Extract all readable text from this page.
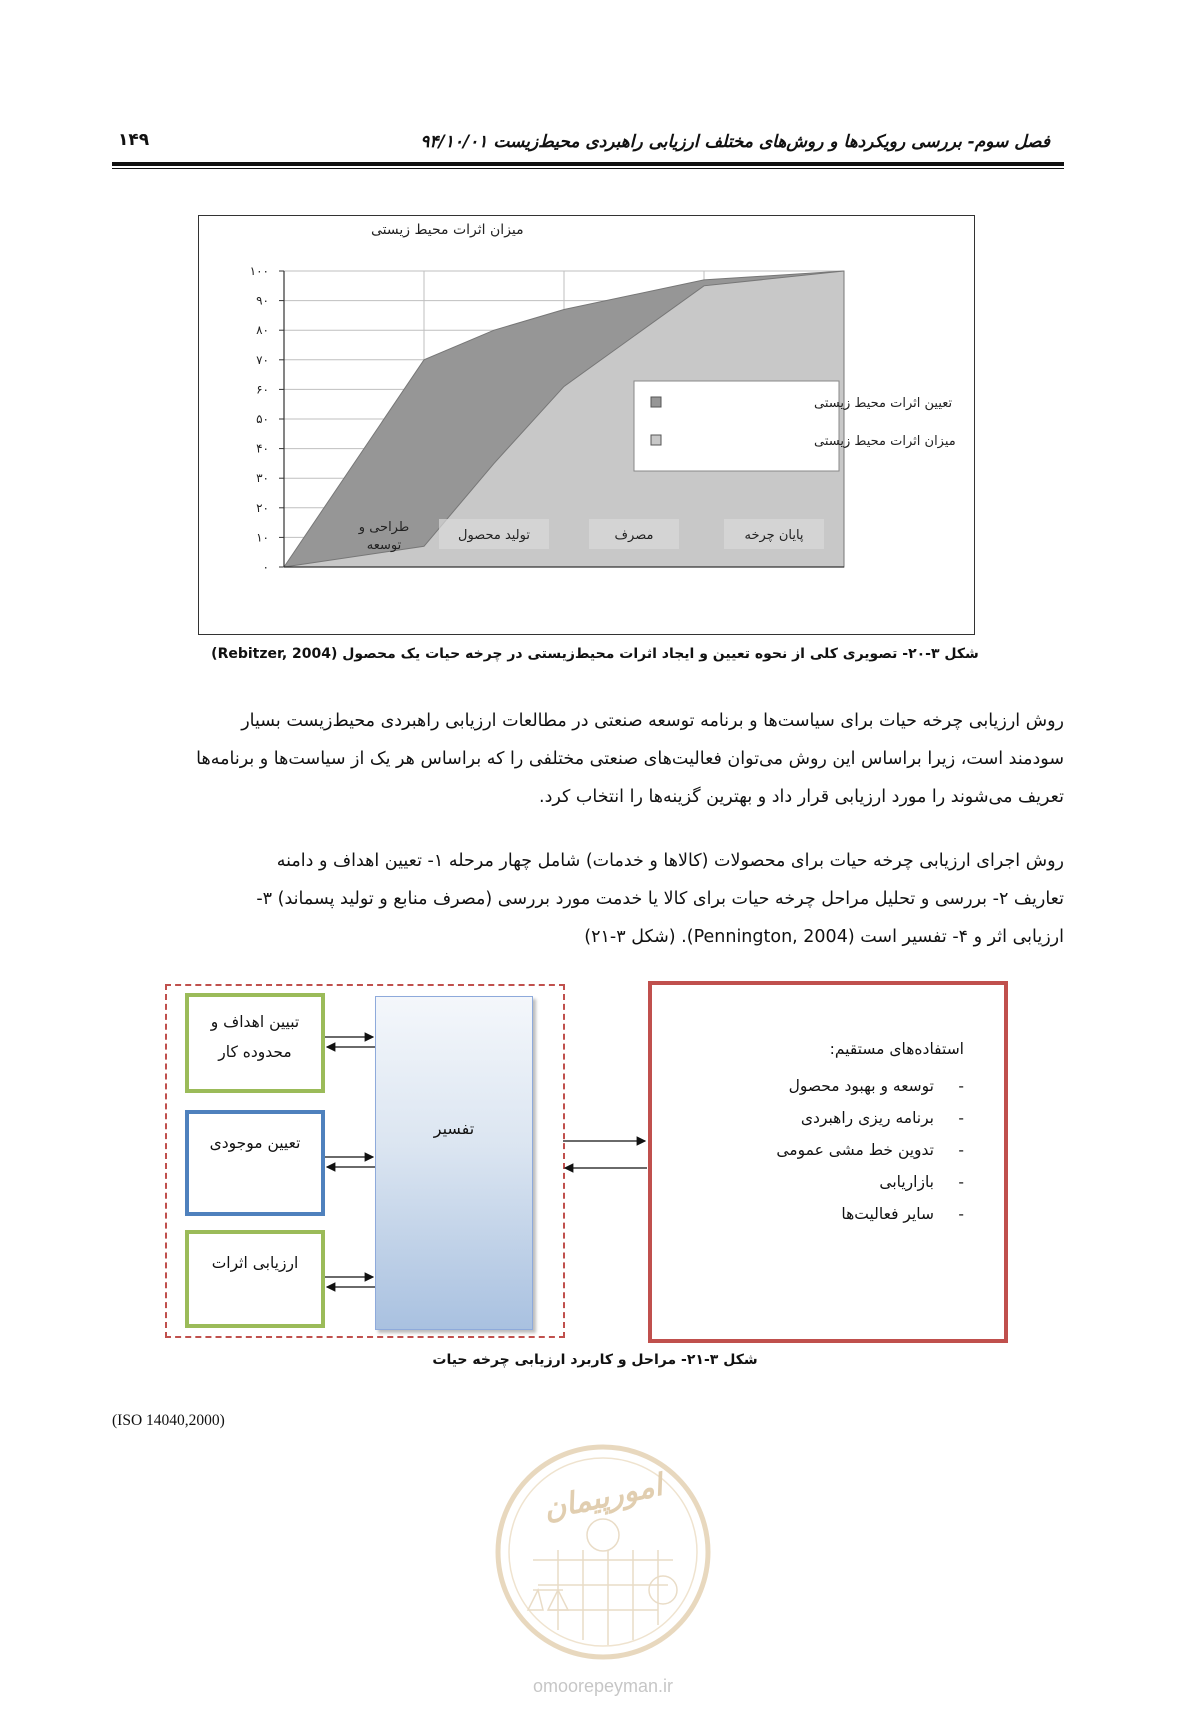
فصل سوم- بررسی رویکردها و روش‌های مختلف ارزیابی راهبردی محیط‌زیست ۹۴/۱۰/۰۱
۱۴۹
میزان اثرات محیط زیستی
۰
۱۰
۲۰
۳۰
۴۰
۵۰
۶۰
۷۰
۸۰
۹۰
۱۰۰
طراحی و
توسعه
تولید محصول	مصرف	پایان چرخه
تعیین اثرات محیط زیستی
میزان اثرات محیط زیستی
شکل ۳-۲۰- تصویری کلی از نحوه تعیین و ایجاد اثرات محیط‌زیستی در چرخه حیات یک محصول (Rebitzer, 2004)

روش ارزیابی چرخه حیات برای سیاست‌ها و برنامه توسعه صنعتی در مطالعات ارزیابی راهبردی محیط‌زیست بسیار

سودمند است، زیرا براساس این روش می‌توان فعالیت‌های صنعتی مختلفی را که براساس هر یک از سیاست‌ها و برنامه‌ها

تعریف می‌شوند را مورد ارزیابی قرار داد و بهترین گزینه‌ها را انتخاب کرد.

روش اجرای ارزیابی چرخه حیات برای محصولات (کالاها و خدمات) شامل چهار مرحله ۱- تعیین اهداف و دامنه

تعاریف ۲- بررسی و تحلیل مراحل چرخه حیات برای کالا یا خدمت مورد بررسی (مصرف منابع و تولید پسماند) ۳-

ارزیابی اثر و ۴- تفسیر است (Pennington, 2004). (شکل ۳-۲۱)

تبیین اهداف و
محدوده کار
تعیین موجودی
ارزیابی اثرات
تفسیر
استفاده‌های مستقیم:
-توسعه و بهبود محصول
-برنامه ریزی راهبردی
-تدوین خط مشی عمومی
-بازاریابی
-سایر فعالیت‌ها
شکل ۳-۲۱- مراحل و کاربرد ارزیابی چرخه حیات
(ISO 14040,2000)
امورپیمان
omoorepeyman.ir
